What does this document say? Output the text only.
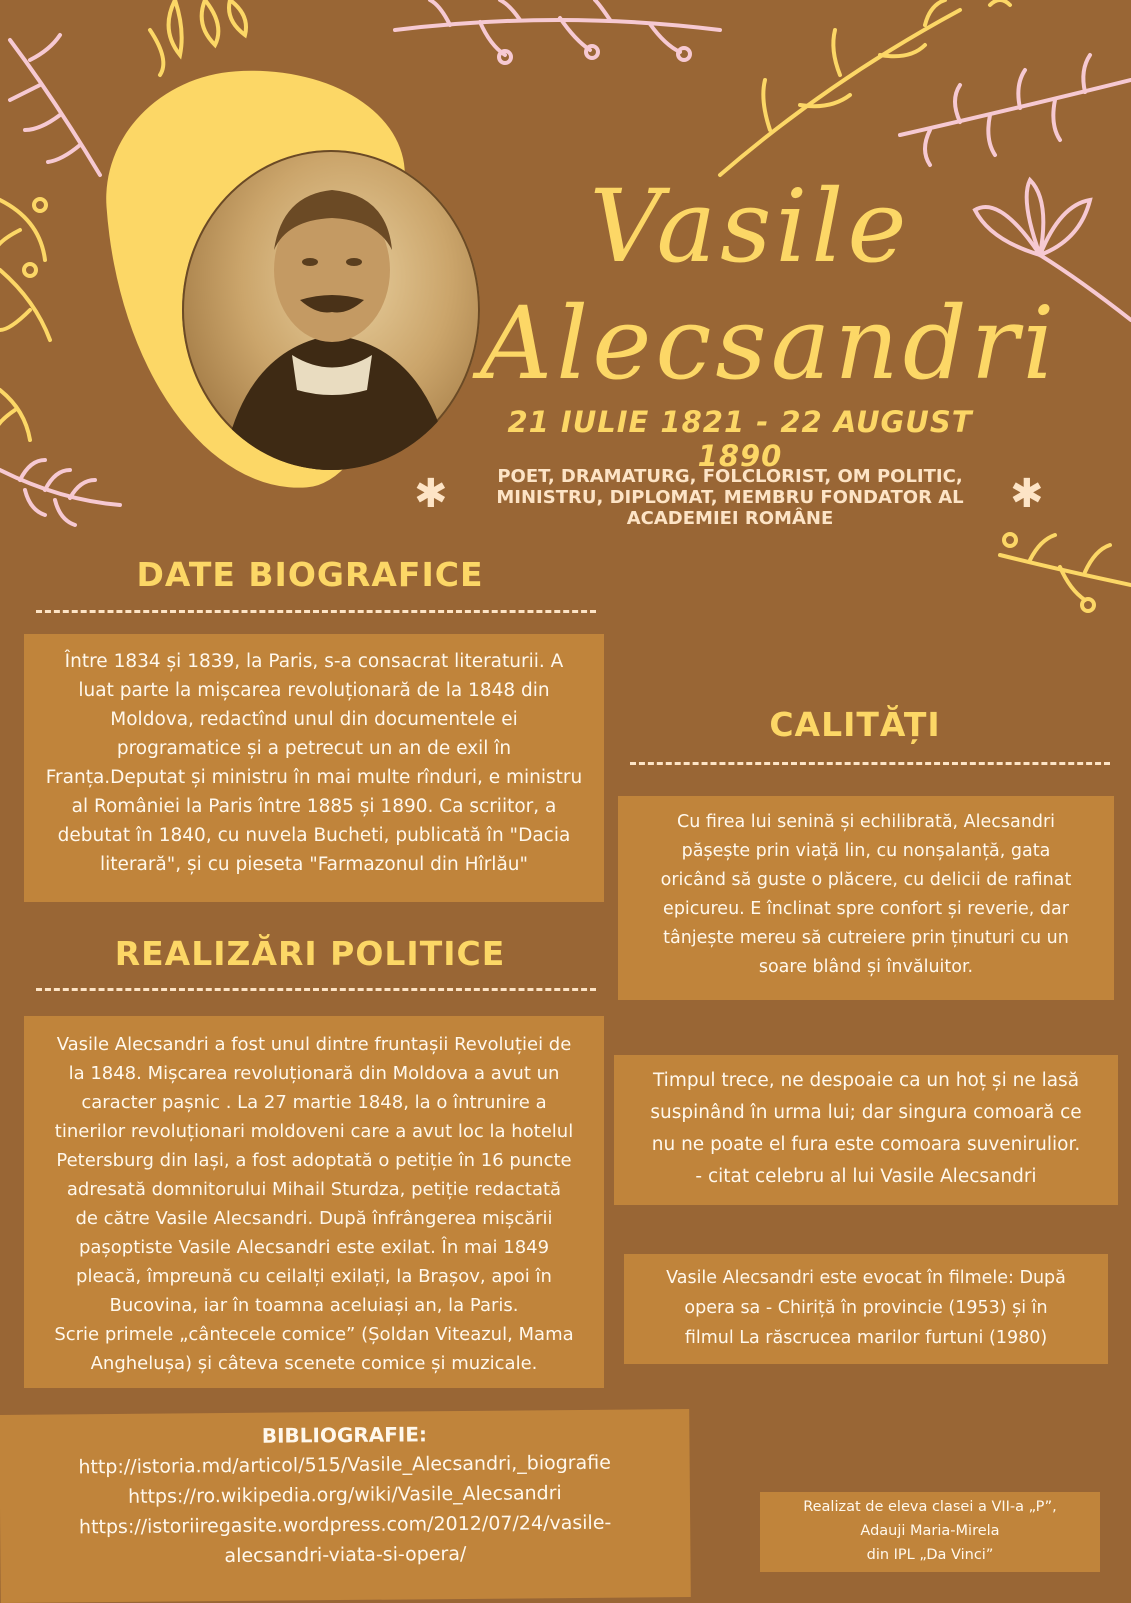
Vasile
Alecsandri
21 IULIE 1821 - 22 AUGUST 1890
✱	✱
POET, DRAMATURG, FOLCLORIST, OM POLITIC,
MINISTRU, DIPLOMAT, MEMBRU FONDATOR AL
ACADEMIEI ROMÂNE
DATE BIOGRAFICE

Între 1834 și 1839, la Paris, s-a consacrat literaturii. A

luat parte la mișcarea revoluționară de la 1848 din

Moldova, redactînd unul din documentele ei

programatice și a petrecut un an de exil în

Franța.Deputat și ministru în mai multe rînduri, e ministru

al României la Paris între 1885 și 1890. Ca scriitor, a

debutat în 1840, cu nuvela Bucheti, publicată în "Dacia

literară", și cu pieseta "Farmazonul din Hîrlău"

REALIZĂRI POLITICE

Vasile Alecsandri a fost unul dintre fruntașii Revoluției de

la 1848. Mișcarea revoluționară din Moldova a avut un

caracter pașnic . La 27 martie 1848, la o întrunire a

tinerilor revoluționari moldoveni care a avut loc la hotelul

Petersburg din Iași, a fost adoptată o petiție în 16 puncte

adresată domnitorului Mihail Sturdza, petiție redactată

de către Vasile Alecsandri. După înfrângerea mișcării

pașoptiste Vasile Alecsandri este exilat. În mai 1849

pleacă, împreună cu ceilalți exilați, la Brașov, apoi în

Bucovina, iar în toamna aceluiași an, la Paris.

Scrie primele „cântecele comice” (Șoldan Viteazul, Mama

Anghelușa) și câteva scenete comice și muzicale.

CALITĂȚI

Cu firea lui senină și echilibrată, Alecsandri

pășește prin viață lin, cu nonșalanță, gata

oricând să guste o plăcere, cu delicii de rafinat

epicureu. E înclinat spre confort și reverie, dar

tânjește mereu să cutreiere prin ținuturi cu un

soare blând și învăluitor.

Timpul trece, ne despoaie ca un hoț și ne lasă

suspinând în urma lui; dar singura comoară ce

nu ne poate el fura este comoara suvenirulior.

- citat celebru al lui Vasile Alecsandri

Vasile Alecsandri este evocat în filmele: După

opera sa - Chiriță în provincie (1953) și în

filmul La răscrucea marilor furtuni (1980)

BIBLIOGRAFIE:
http://istoria.md/articol/515/Vasile_Alecsandri,_biografie
https://ro.wikipedia.org/wiki/Vasile_Alecsandri
https://istoriiregasite.wordpress.com/2012/07/24/vasile-
alecsandri-viata-si-opera/
Realizat de eleva clasei a VII-a „P”,
Adauji Maria-Mirela
din IPL „Da Vinci”
